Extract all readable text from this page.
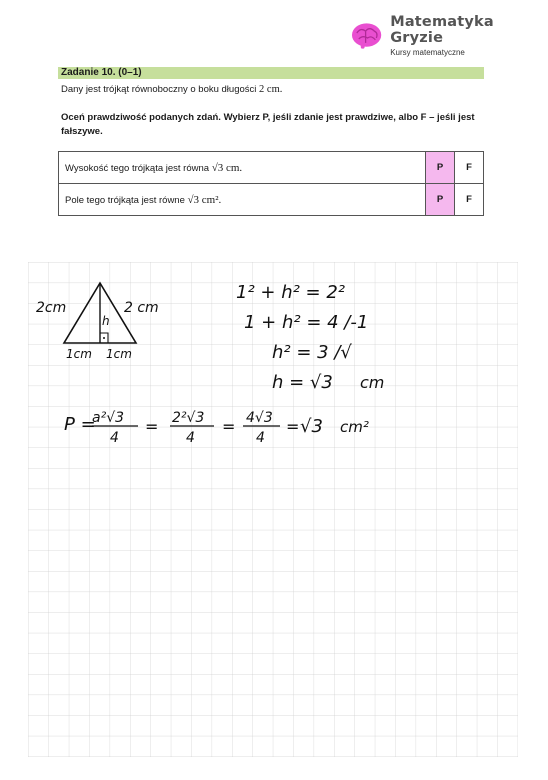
Matematyka Gryzie
Kursy matematyczne
Zadanie 10. (0–1)
Dany jest trójkąt równoboczny o boku długości 2 cm.
Oceń prawdziwość podanych zdań. Wybierz P, jeśli zdanie jest prawdziwe, albo F – jeśli jest fałszywe.
Wysokość tego trójkąta jest równa √3 cm.	P	F
Pole tego trójkąta jest równe √3 cm².	P	F
2cm	2 cm
h
1cm 1cm
1² + h² = 2²
1 + h² = 4 /-1
h² = 3 /√
h = √3 cm
P =
a²√3
4
= 2²√3
4
= 4√3
4
= √3 cm²
